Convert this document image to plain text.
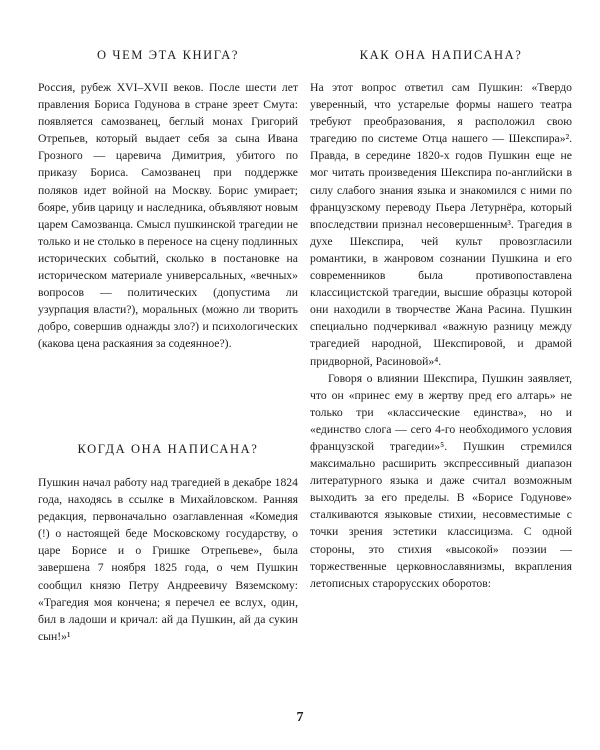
О ЧЕМ ЭТА КНИГА?

Россия, рубеж XVI–XVII веков. После шести лет правления Бориса Годунова в стране зреет Смута: появляется самозванец, беглый монах Григорий Отрепьев, который выдает себя за сына Ивана Грозного — царевича Димитрия, убитого по приказу Бориса. Самозванец при поддержке поляков идет войной на Москву. Борис умирает; бояре, убив царицу и наследника, объявляют новым царем Самозванца. Смысл пушкинской трагедии не только и не столько в переносе на сцену подлинных исторических событий, сколько в постановке на историческом материале универсальных, «вечных» вопросов — политических (допустима ли узурпация власти?), моральных (можно ли творить добро, совершив однажды зло?) и психологических (какова цена раскаяния за содеянное?).

КОГДА ОНА НАПИСАНА?

Пушкин начал работу над трагедией в декабре 1824 года, находясь в ссылке в Михайловском. Ранняя редакция, первоначально озаглавленная «Комедия (!) о настоящей беде Московскому государству, о царе Борисе и о Гришке Отрепьеве», была завершена 7 ноября 1825 года, о чем Пушкин сообщил князю Петру Андреевичу Вяземскому: «Трагедия моя кончена; я перечел ее вслух, один, бил в ладоши и кричал: ай да Пушкин, ай да сукин сын!»¹

КАК ОНА НАПИСАНА?

На этот вопрос ответил сам Пушкин: «Твердо уверенный, что устарелые формы нашего театра требуют преобразования, я расположил свою трагедию по системе Отца нашего — Шекспира»². Правда, в середине 1820-х годов Пушкин еще не мог читать произведения Шекспира по-английски в силу слабого знания языка и знакомился с ними по французскому переводу Пьера Летурнёра, который впоследствии признал несовершенным³. Трагедия в духе Шекспира, чей культ провозгласили романтики, в жанровом сознании Пушкина и его современников была противопоставлена классицистской трагедии, высшие образцы которой они находили в творчестве Жана Расина. Пушкин специально подчеркивал «важную разницу между трагедией народной, Шекспировой, и драмой придворной, Расиновой»⁴.

Говоря о влиянии Шекспира, Пушкин заявляет, что он «принес ему в жертву пред его алтарь» не только три «классические единства», но и «единство слога — сего 4-го необходимого условия французской трагедии»⁵. Пушкин стремился максимально расширить экспрессивный диапазон литературного языка и даже считал возможным выходить за его пределы. В «Борисе Годунове» сталкиваются языковые стихии, несовместимые с точки зрения эстетики классицизма. С одной стороны, это стихия «высокой» поэзии — торжественные церковнославянизмы, вкрапления летописных старорусских оборотов:

7
